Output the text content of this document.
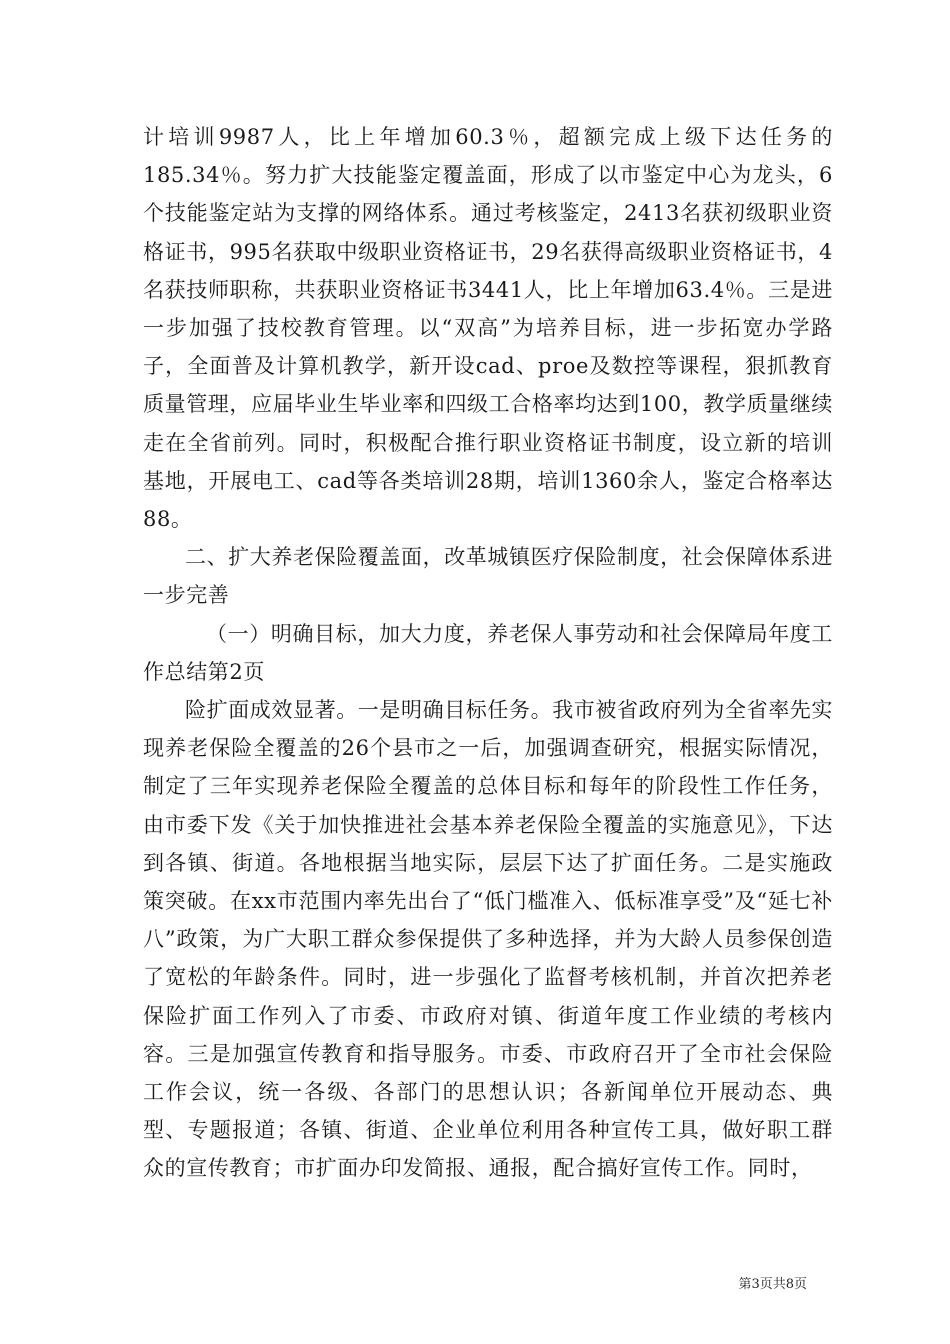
计培训9987人，比上年增加60.3％，超额完成上级下达任务的185.34％。努力扩大技能鉴定覆盖面，形成了以市鉴定中心为龙头，6个技能鉴定站为支撑的网络体系。通过考核鉴定，2413名获初级职业资格证书，995名获取中级职业资格证书，29名获得高级职业资格证书，4名获技师职称，共获职业资格证书3441人，比上年增加63.4％。三是进一步加强了技校教育管理。以“双高”为培养目标，进一步拓宽办学路子，全面普及计算机教学，新开设cad、proe及数控等课程，狠抓教育质量管理，应届毕业生毕业率和四级工合格率均达到100，教学质量继续走在全省前列。同时，积极配合推行职业资格证书制度，设立新的培训基地，开展电工、cad等各类培训28期，培训1360余人，鉴定合格率达88。

二、扩大养老保险覆盖面，改革城镇医疗保险制度，社会保障体系进一步完善

（一）明确目标，加大力度，养老保人事劳动和社会保障局年度工作总结第2页

险扩面成效显著。一是明确目标任务。我市被省政府列为全省率先实现养老保险全覆盖的26个县市之一后，加强调查研究，根据实际情况，制定了三年实现养老保险全覆盖的总体目标和每年的阶段性工作任务，由市委下发《关于加快推进社会基本养老保险全覆盖的实施意见》，下达到各镇、街道。各地根据当地实际，层层下达了扩面任务。二是实施政策突破。在xx市范围内率先出台了“低门槛准入、低标准享受”及“延七补八”政策，为广大职工群众参保提供了多种选择，并为大龄人员参保创造了宽松的年龄条件。同时，进一步强化了监督考核机制，并首次把养老保险扩面工作列入了市委、市政府对镇、街道年度工作业绩的考核内容。三是加强宣传教育和指导服务。市委、市政府召开了全市社会保险工作会议，统一各级、各部门的思想认识；各新闻单位开展动态、典型、专题报道；各镇、街道、企业单位利用各种宣传工具，做好职工群众的宣传教育；市扩面办印发简报、通报，配合搞好宣传工作。同时，

第3页共8页
